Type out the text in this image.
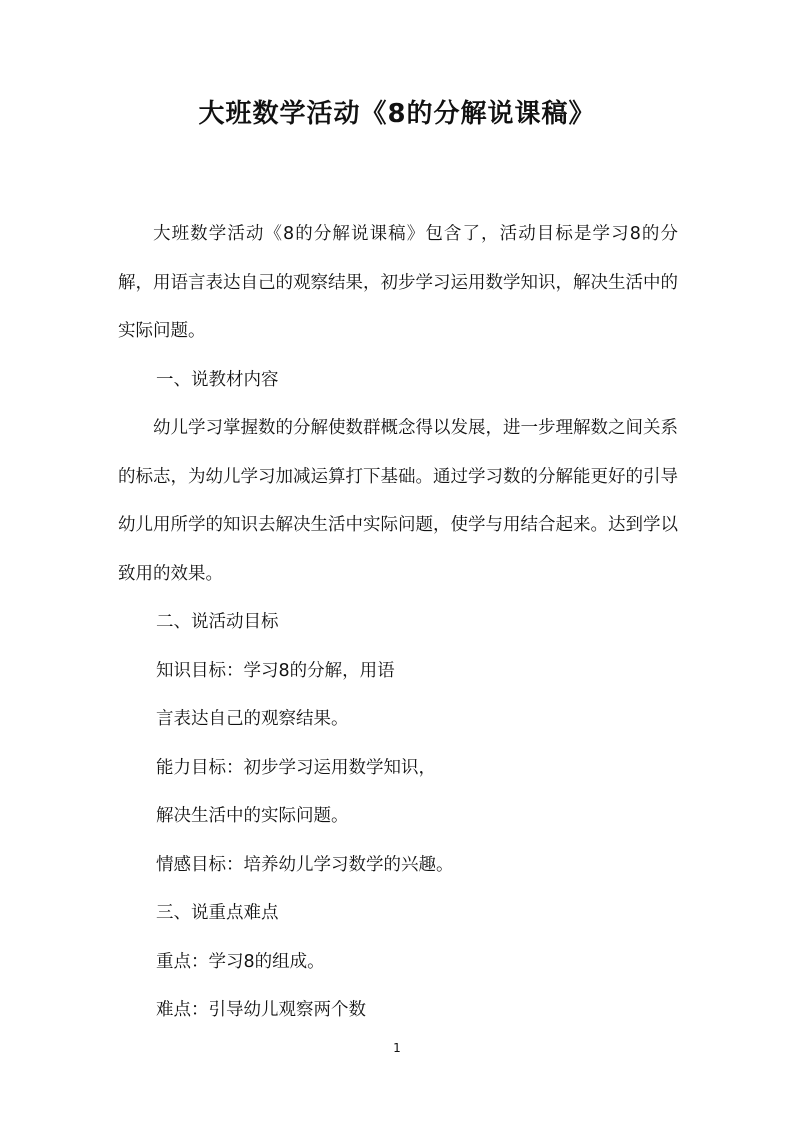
大班数学活动《8的分解说课稿》

大班数学活动《8的分解说课稿》包含了，活动目标是学习8的分解，用语言表达自己的观察结果，初步学习运用数学知识，解决生活中的实际问题。

一、说教材内容

幼儿学习掌握数的分解使数群概念得以发展，进一步理解数之间关系的标志，为幼儿学习加减运算打下基础。通过学习数的分解能更好的引导幼儿用所学的知识去解决生活中实际问题，使学与用结合起来。达到学以致用的效果。

二、说活动目标

知识目标：学习8的分解，用语

言表达自己的观察结果。

能力目标：初步学习运用数学知识，

解决生活中的实际问题。

情感目标：培养幼儿学习数学的兴趣。

三、说重点难点

重点：学习8的组成。

难点：引导幼儿观察两个数

1
